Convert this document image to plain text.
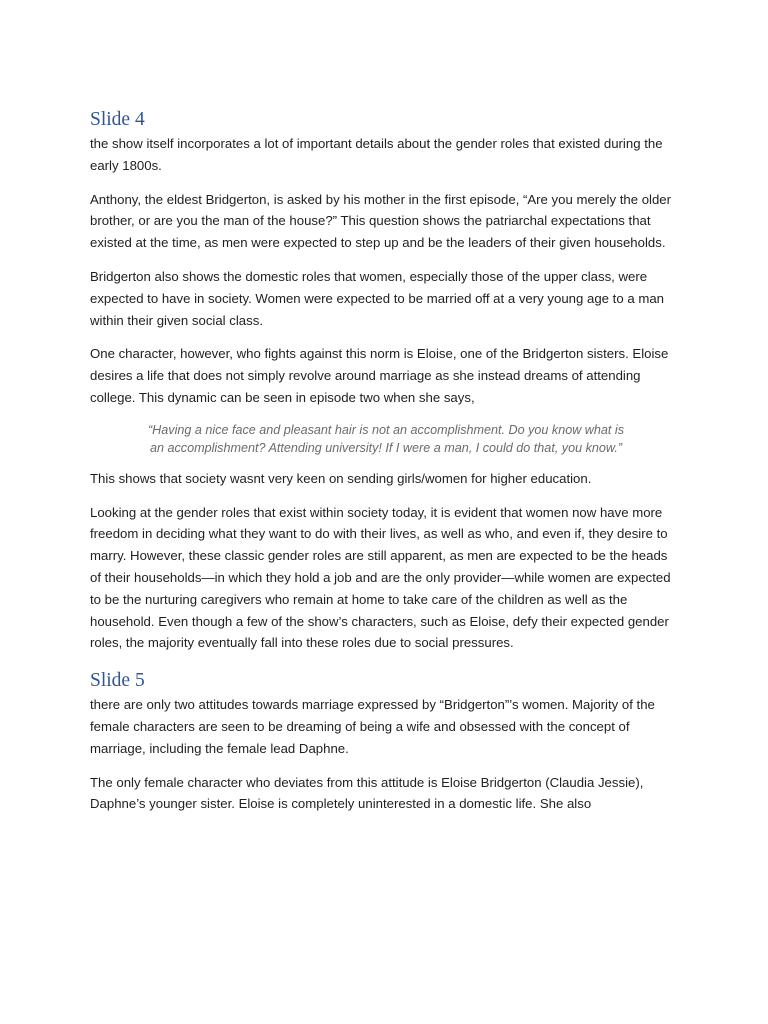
Slide 4

the show itself incorporates a lot of important details about the gender roles that existed during the early 1800s.

Anthony, the eldest Bridgerton, is asked by his mother in the first episode, “Are you merely the older brother, or are you the man of the house?” This question shows the patriarchal expectations that existed at the time, as men were expected to step up and be the leaders of their given households.

Bridgerton also shows the domestic roles that women, especially those of the upper class, were expected to have in society. Women were expected to be married off at a very young age to a man within their given social class.

One character, however, who fights against this norm is Eloise, one of the Bridgerton sisters. Eloise desires a life that does not simply revolve around marriage as she instead dreams of attending college. This dynamic can be seen in episode two when she says,

“Having a nice face and pleasant hair is not an accomplishment. Do you know what is an accomplishment? Attending university! If I were a man, I could do that, you know.”

This shows that society wasnt very keen on sending girls/women for higher education.

Looking at the gender roles that exist within society today, it is evident that women now have more freedom in deciding what they want to do with their lives, as well as who, and even if, they desire to marry. However, these classic gender roles are still apparent, as men are expected to be the heads of their households—in which they hold a job and are the only provider—while women are expected to be the nurturing caregivers who remain at home to take care of the children as well as the household. Even though a few of the show’s characters, such as Eloise, defy their expected gender roles, the majority eventually fall into these roles due to social pressures.

Slide 5

there are only two attitudes towards marriage expressed by “Bridgerton”’s women. Majority of the female characters are seen to be dreaming of being a wife and obsessed with the concept of marriage, including the female lead Daphne.

The only female character who deviates from this attitude is Eloise Bridgerton (Claudia Jessie), Daphne’s younger sister. Eloise is completely uninterested in a domestic life. She also
